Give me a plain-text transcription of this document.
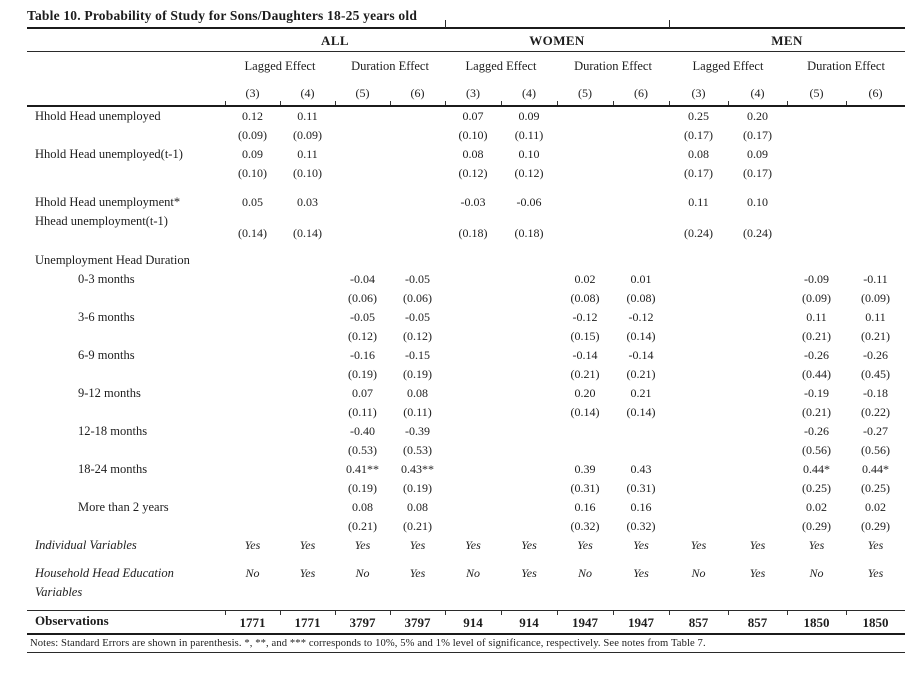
Table 10. Probability of Study for Sons/Daughters 18-25 years old
	ALL				WOMEN				MEN			
	Lagged Effect		Duration Effect		Lagged Effect		Duration Effect		Lagged Effect		Duration Effect	
	(3)	(4)	(5)	(6)	(3)	(4)	(5)	(6)	(3)	(4)	(5)	(6)

Hhold Head unemployed	0.12	0.11			0.07	0.09			0.25	0.20		
	(0.09)	(0.09)			(0.10)	(0.11)			(0.17)	(0.17)		

Hhold Head unemployed(t-1)	0.09	0.11			0.08	0.10			0.08	0.09		
	(0.10)	(0.10)			(0.12)	(0.12)			(0.17)	(0.17)		

Hhold Head unemployment*
Hhead unemployment(t-1)	0.05	0.03			-0.03	-0.06			0.11	0.10		
	(0.14)	(0.14)			(0.18)	(0.18)			(0.24)	(0.24)		
Unemployment Head Duration												

0-3 months			-0.04	-0.05			0.02	0.01			-0.09	-0.11
			(0.06)	(0.06)			(0.08)	(0.08)			(0.09)	(0.09)

3-6 months			-0.05	-0.05			-0.12	-0.12			0.11	0.11
			(0.12)	(0.12)			(0.15)	(0.14)			(0.21)	(0.21)

6-9 months			-0.16	-0.15			-0.14	-0.14			-0.26	-0.26
			(0.19)	(0.19)			(0.21)	(0.21)			(0.44)	(0.45)

9-12 months			0.07	0.08			0.20	0.21			-0.19	-0.18
			(0.11)	(0.11)			(0.14)	(0.14)			(0.21)	(0.22)

12-18 months			-0.40	-0.39							-0.26	-0.27
			(0.53)	(0.53)							(0.56)	(0.56)

18-24 months			0.41**	0.43**			0.39	0.43			0.44*	0.44*
			(0.19)	(0.19)			(0.31)	(0.31)			(0.25)	(0.25)

More than 2 years			0.08	0.08			0.16	0.16			0.02	0.02
			(0.21)	(0.21)			(0.32)	(0.32)			(0.29)	(0.29)

Individual Variables	Yes	Yes	Yes	Yes	Yes	Yes	Yes	Yes	Yes	Yes	Yes	Yes

Household Head Education
Variables	No	Yes	No	Yes	No	Yes	No	Yes	No	Yes	No	Yes
Observations	1771	1771	3797	3797	914	914	1947	1947	857	857	1850	1850
Notes: Standard Errors are shown in parenthesis. *, **, and *** corresponds to 10%, 5% and 1% level of significance, respectively. See notes from Table 7.
